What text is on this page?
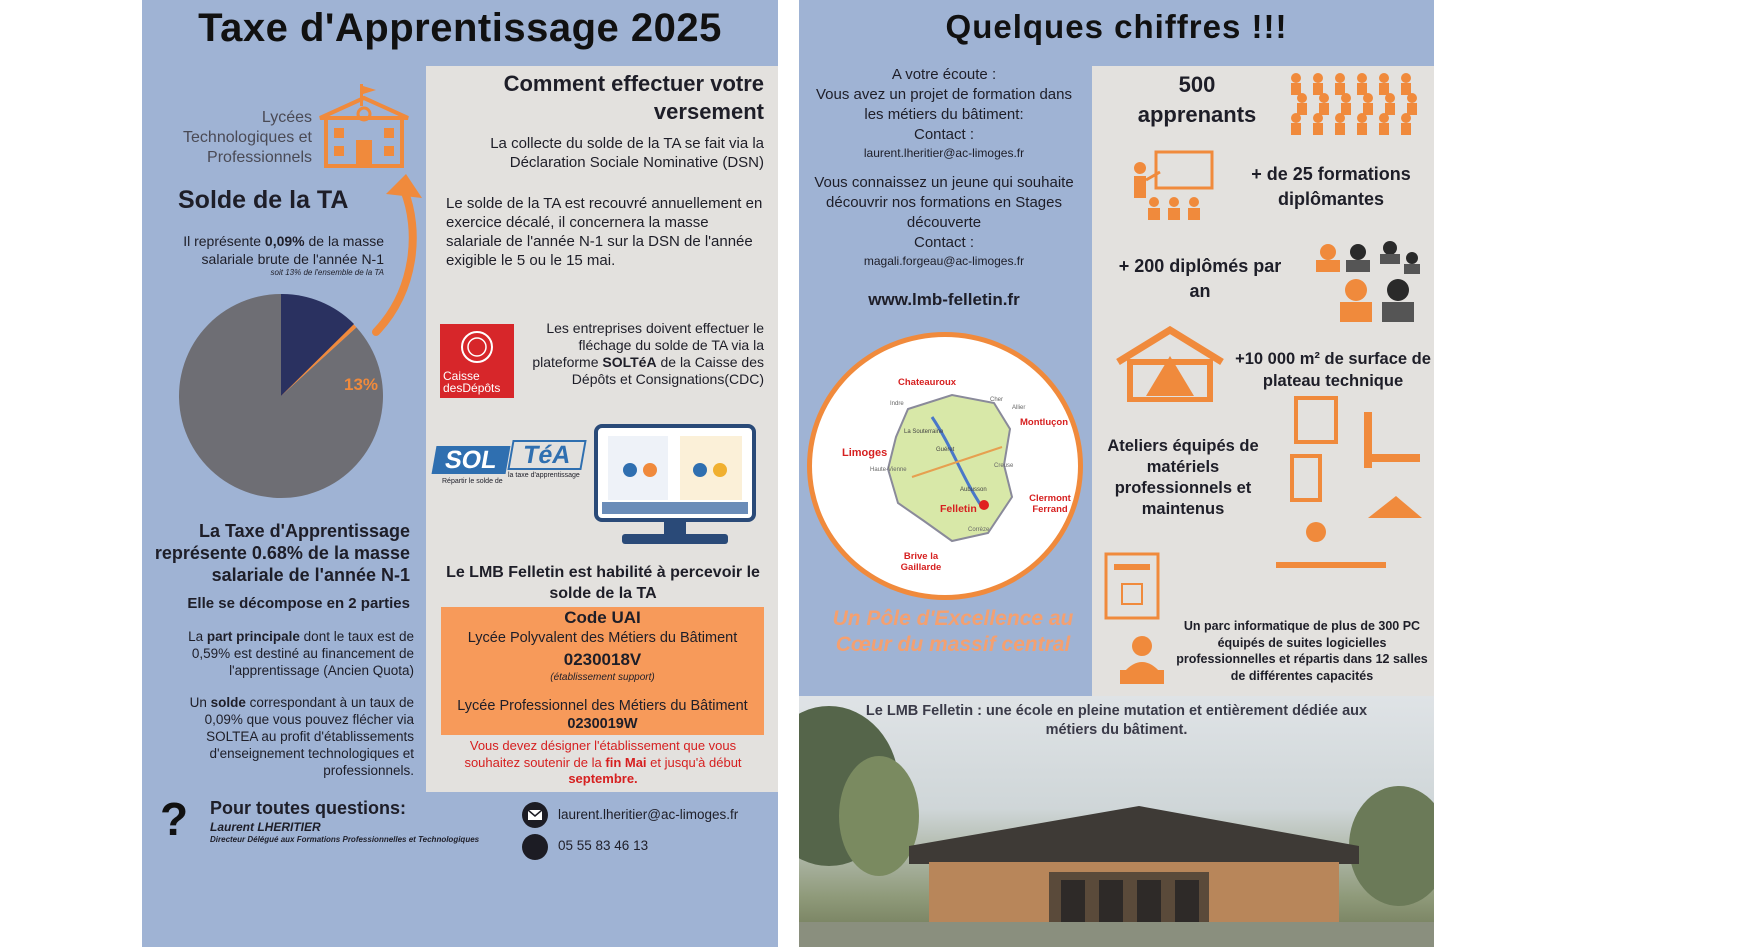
Taxe d'Apprentissage 2025
Lycées
Technologiques et
Professionnels
Solde de la TA
Il représente 0,09% de la masse salariale brute de l'année N-1
soit 13% de l'ensemble de la TA
13%
La Taxe d'Apprentissage représente 0.68% de la masse salariale de l'année N-1
Elle se décompose en 2 parties
La part principale dont le taux est de 0,59% est destiné au financement de l'apprentissage (Ancien Quota)
Un solde correspondant à un taux de 0,09% que vous pouvez flécher via SOLTEA au profit d'établissements d'enseignement technologiques et professionnels.
? Pour toutes questions:
Laurent LHERITIER
Directeur Délégué aux Formations Professionnelles et Technologiques
laurent.lheritier@ac-limoges.fr
05 55 83 46 13
Comment effectuer votre versement
La collecte du solde de la TA se fait via la Déclaration Sociale Nominative (DSN)
Le solde de la TA est recouvré annuellement en exercice décalé, il concernera la masse salariale de l'année N-1 sur la DSN de l'année exigible le 5 ou le 15 mai.
Caisse
desDépôts
Les entreprises doivent effectuer le fléchage du solde de TA via la plateforme SOLTéA de la Caisse des Dépôts et Consignations(CDC)
SOL TéA
Répartir le solde de
la taxe d'apprentissage
Le LMB Felletin est habilité à percevoir le solde de la TA
Code UAI
Lycée Polyvalent des Métiers du Bâtiment
0230018V
(établissement support)
Lycée Professionnel des Métiers du Bâtiment
0230019W
Vous devez désigner l'établissement que vous souhaitez soutenir de la fin Mai et jusqu'à début septembre.
Quelques chiffres !!!
A votre écoute :
Vous avez un projet de formation dans les métiers du bâtiment:
Contact :
laurent.lheritier@ac-limoges.fr
Vous connaissez un jeune qui souhaite découvrir nos formations en Stages découverte
Contact :
magali.forgeau@ac-limoges.fr
www.lmb-felletin.fr
Chateauroux
Montluçon
Limoges
Clermont Ferrand
Felletin
Brive la Gaillarde
Indre
Cher
Allier
La Souterraine
Guéret
Creuse
Aubusson
Haute-Vienne
Corrèze
Un Pôle d'Excellence au Cœur du massif central
500
apprenants
+ de 25 formations diplômantes
+ 200 diplômés par an
+10 000 m² de surface de plateau technique
Ateliers équipés de matériels professionnels et maintenus
Un parc informatique de plus de 300 PC équipés de suites logicielles professionnelles et répartis dans 12 salles de différentes capacités
Le LMB Felletin : une école en pleine mutation et entièrement dédiée aux métiers du bâtiment.
